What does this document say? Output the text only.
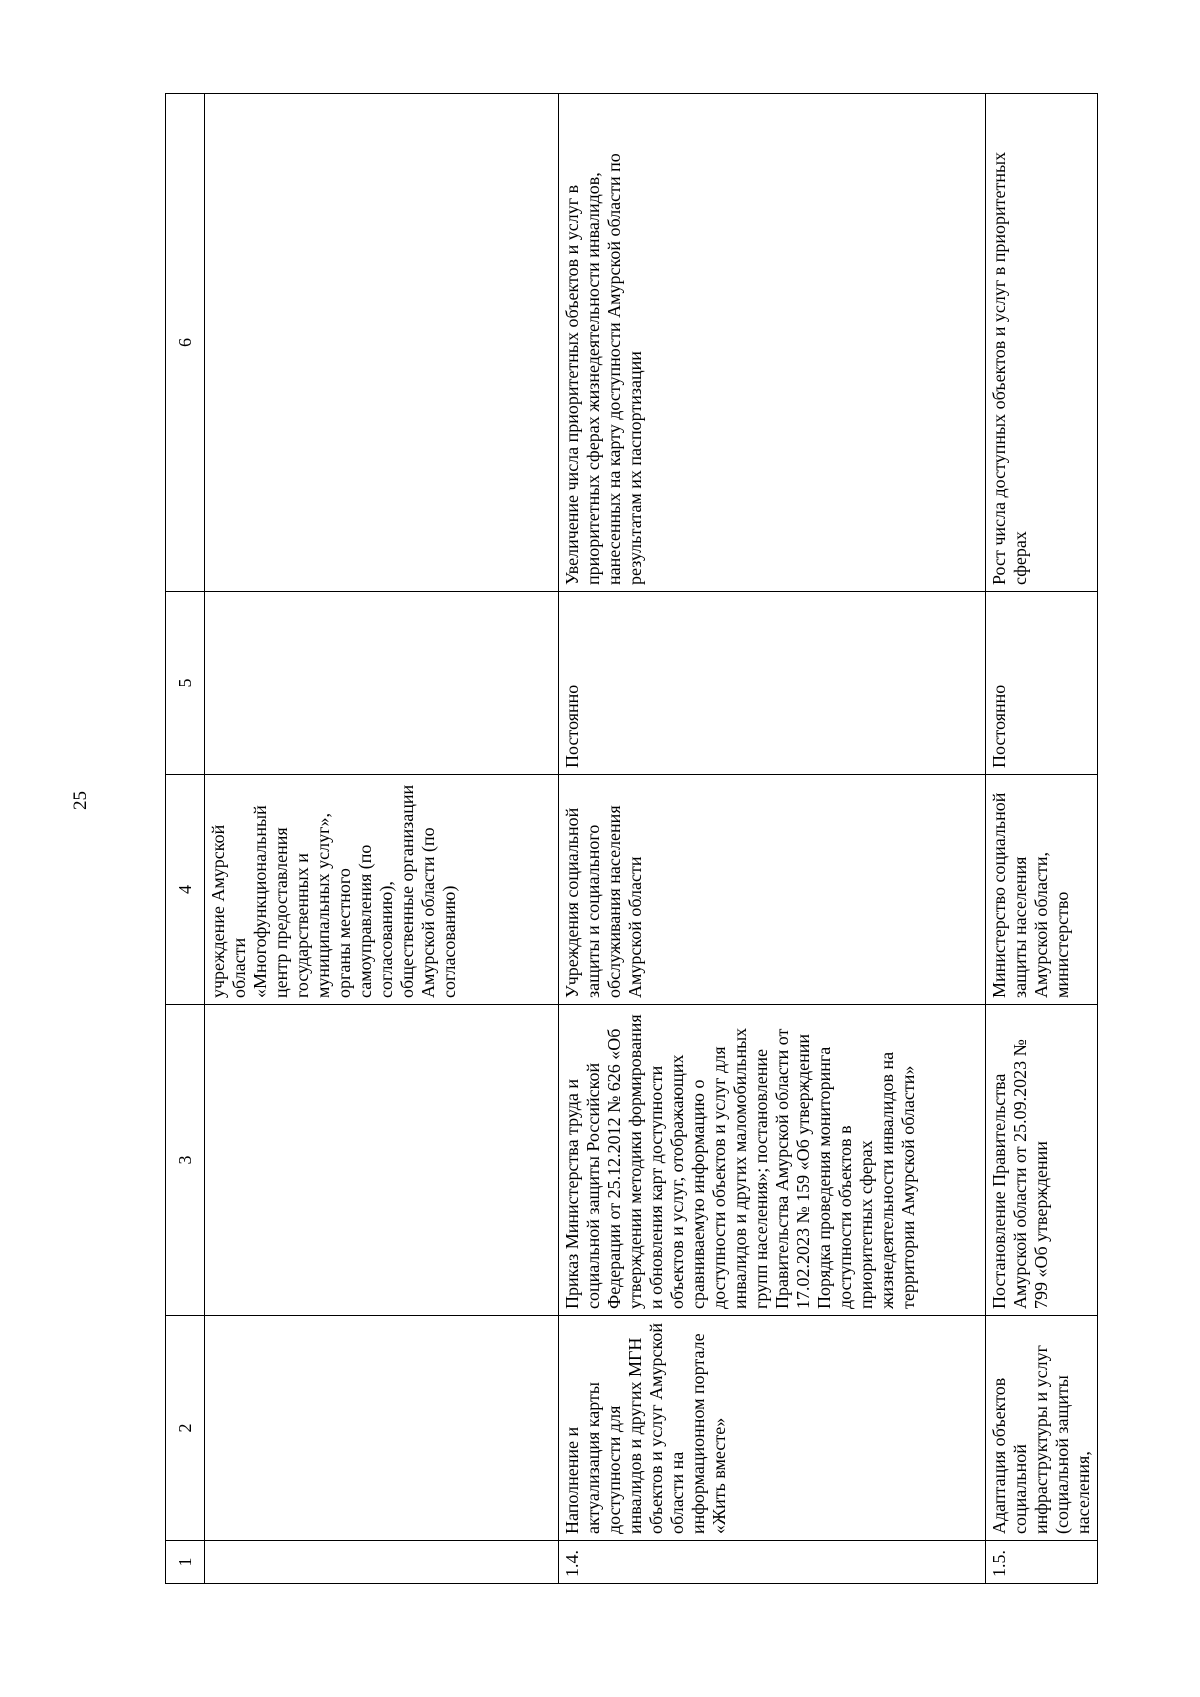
25
1	2	3	4	5	6
			учреждение Амурской области «Многофункциональный центр предоставления государственных и муниципальных услуг», органы местного самоуправления (по согласованию), общественные организации Амурской области (по согласованию)		
1.4.	Наполнение и актуализация карты доступности для инвалидов и других МГН объектов и услуг Амурской области на информационном портале «Жить вместе»	Приказ Министерства труда и социальной защиты Российской Федерации от 25.12.2012 № 626 «Об утверждении методики формирования и обновления карт доступности объектов и услуг, отображающих сравниваемую информацию о доступности объектов и услуг для инвалидов и других маломобильных групп населения»; постановление Правительства Амурской области от 17.02.2023 № 159 «Об утверждении Порядка проведения мониторинга доступности объектов в приоритетных сферах жизнедеятельности инвалидов на территории Амурской области»	Учреждения социальной защиты и социального обслуживания населения Амурской области	Постоянно	Увеличение числа приоритетных объектов и услуг в приоритетных сферах жизнедеятельности инвалидов, нанесенных на карту доступности Амурской области по результатам их паспортизации
1.5.	Адаптация объектов социальной инфраструктуры и услуг (социальной защиты населения,	Постановление Правительства Амурской области от 25.09.2023 № 799 «Об утверждении	Министерство социальной защиты населения Амурской области, министерство	Постоянно	Рост числа доступных объектов и услуг в приоритетных сферах
